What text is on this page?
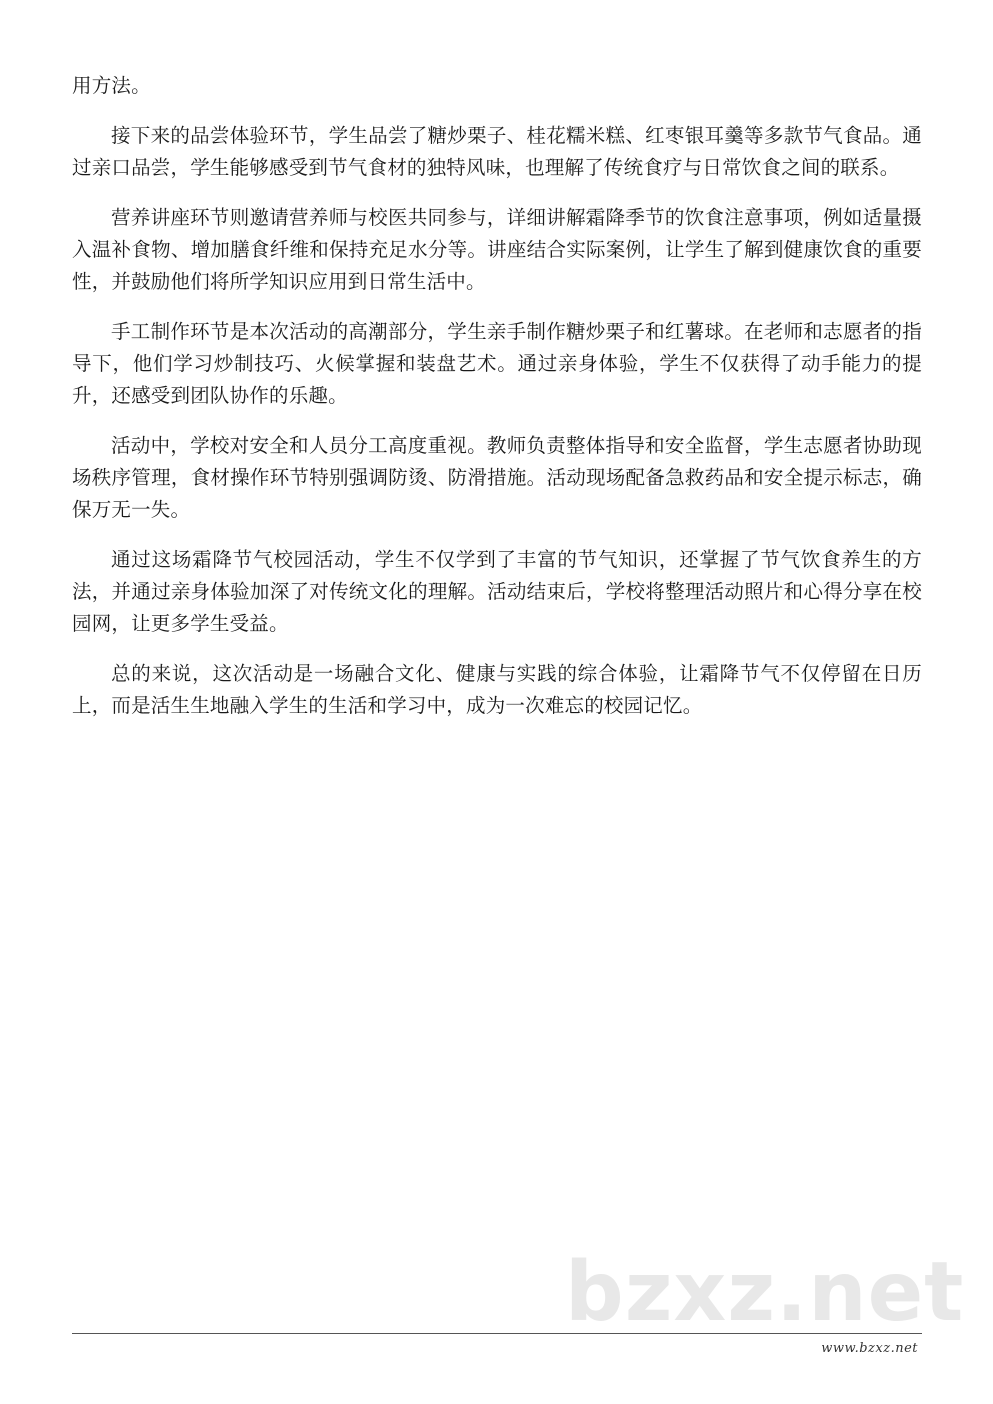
用方法。

接下来的品尝体验环节，学生品尝了糖炒栗子、桂花糯米糕、红枣银耳羹等多款节气食品。通过亲口品尝，学生能够感受到节气食材的独特风味，也理解了传统食疗与日常饮食之间的联系。

营养讲座环节则邀请营养师与校医共同参与，详细讲解霜降季节的饮食注意事项，例如适量摄入温补食物、增加膳食纤维和保持充足水分等。讲座结合实际案例，让学生了解到健康饮食的重要性，并鼓励他们将所学知识应用到日常生活中。

手工制作环节是本次活动的高潮部分，学生亲手制作糖炒栗子和红薯球。在老师和志愿者的指导下，他们学习炒制技巧、火候掌握和装盘艺术。通过亲身体验，学生不仅获得了动手能力的提升，还感受到团队协作的乐趣。

活动中，学校对安全和人员分工高度重视。教师负责整体指导和安全监督，学生志愿者协助现场秩序管理，食材操作环节特别强调防烫、防滑措施。活动现场配备急救药品和安全提示标志，确保万无一失。

通过这场霜降节气校园活动，学生不仅学到了丰富的节气知识，还掌握了节气饮食养生的方法，并通过亲身体验加深了对传统文化的理解。活动结束后，学校将整理活动照片和心得分享在校园网，让更多学生受益。

总的来说，这次活动是一场融合文化、健康与实践的综合体验，让霜降节气不仅停留在日历上，而是活生生地融入学生的生活和学习中，成为一次难忘的校园记忆。

bzxz.net
www.bzxz.net
